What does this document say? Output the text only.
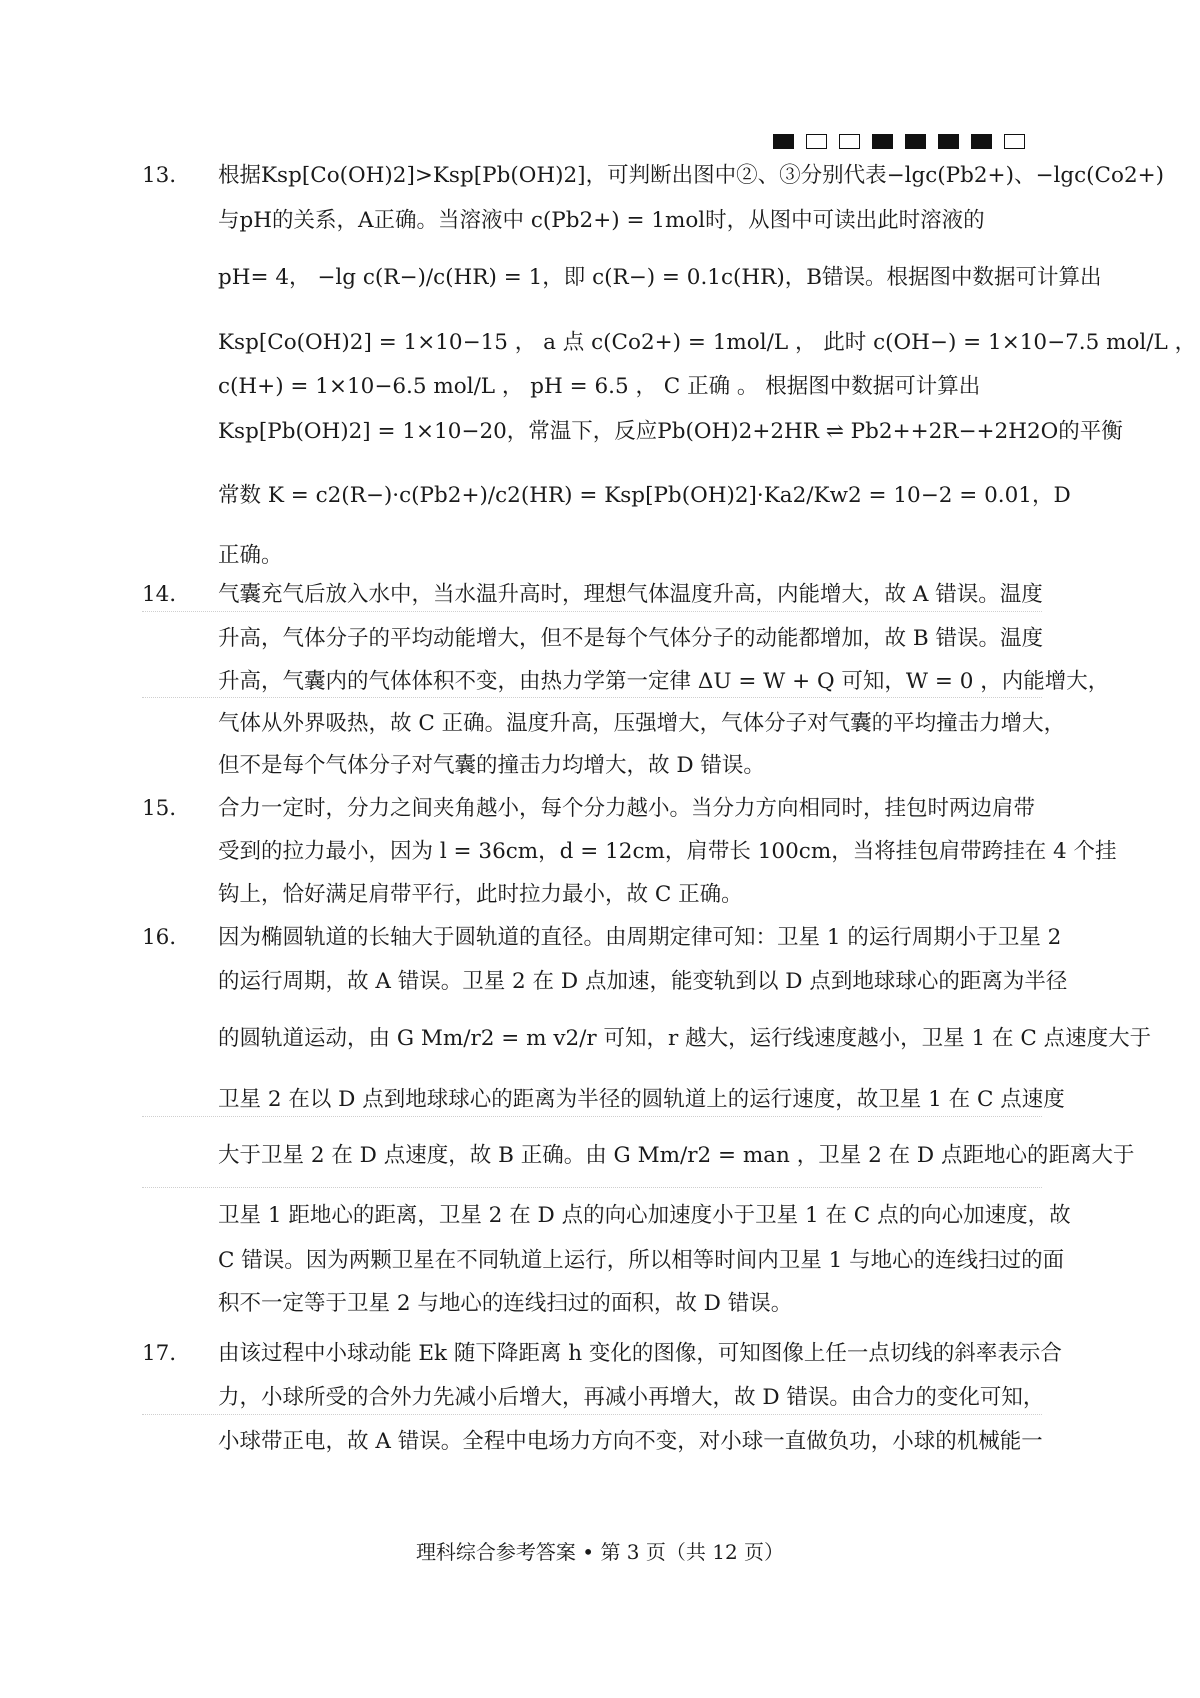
13． 根据Ksp[Co(OH)2]>Ksp[Pb(OH)2]，可判断出图中②、③分别代表−lgc(Pb2+)、−lgc(Co2+)
与pH的关系，A正确。当溶液中 c(Pb2+) = 1mol时，从图中可读出此时溶液的
pH= 4， −lg c(R−)/c(HR) = 1，即 c(R−) = 0.1c(HR)，B错误。根据图中数据可计算出
Ksp[Co(OH)2] = 1×10−15 ， a 点 c(Co2+) = 1mol/L ， 此时 c(OH−) = 1×10−7.5 mol/L ，
c(H+) = 1×10−6.5 mol/L ， pH = 6.5 ， C 正确 。 根据图中数据可计算出
Ksp[Pb(OH)2] = 1×10−20，常温下，反应Pb(OH)2+2HR ⇌ Pb2++2R−+2H2O的平衡
常数 K = c2(R−)·c(Pb2+)/c2(HR) = Ksp[Pb(OH)2]·Ka2/Kw2 = 10−2 = 0.01，D
正确。
14． 气囊充气后放入水中，当水温升高时，理想气体温度升高，内能增大，故 A 错误。温度
升高，气体分子的平均动能增大，但不是每个气体分子的动能都增加，故 B 错误。温度
升高，气囊内的气体体积不变，由热力学第一定律 ΔU = W + Q 可知，W = 0 ，内能增大，
气体从外界吸热，故 C 正确。温度升高，压强增大，气体分子对气囊的平均撞击力增大，
但不是每个气体分子对气囊的撞击力均增大，故 D 错误。
15． 合力一定时，分力之间夹角越小，每个分力越小。当分力方向相同时，挂包时两边肩带
受到的拉力最小，因为 l = 36cm，d = 12cm，肩带长 100cm，当将挂包肩带跨挂在 4 个挂
钩上，恰好满足肩带平行，此时拉力最小，故 C 正确。
16． 因为椭圆轨道的长轴大于圆轨道的直径。由周期定律可知：卫星 1 的运行周期小于卫星 2
的运行周期，故 A 错误。卫星 2 在 D 点加速，能变轨到以 D 点到地球球心的距离为半径
的圆轨道运动，由 G Mm/r2 = m v2/r 可知，r 越大，运行线速度越小，卫星 1 在 C 点速度大于
卫星 2 在以 D 点到地球球心的距离为半径的圆轨道上的运行速度，故卫星 1 在 C 点速度
大于卫星 2 在 D 点速度，故 B 正确。由 G Mm/r2 = man ，卫星 2 在 D 点距地心的距离大于
卫星 1 距地心的距离，卫星 2 在 D 点的向心加速度小于卫星 1 在 C 点的向心加速度，故
C 错误。因为两颗卫星在不同轨道上运行，所以相等时间内卫星 1 与地心的连线扫过的面
积不一定等于卫星 2 与地心的连线扫过的面积，故 D 错误。
17． 由该过程中小球动能 Ek 随下降距离 h 变化的图像，可知图像上任一点切线的斜率表示合
力，小球所受的合外力先减小后增大，再减小再增大，故 D 错误。由合力的变化可知，
小球带正电，故 A 错误。全程中电场力方向不变，对小球一直做负功，小球的机械能一
理科综合参考答案 • 第 3 页（共 12 页）
